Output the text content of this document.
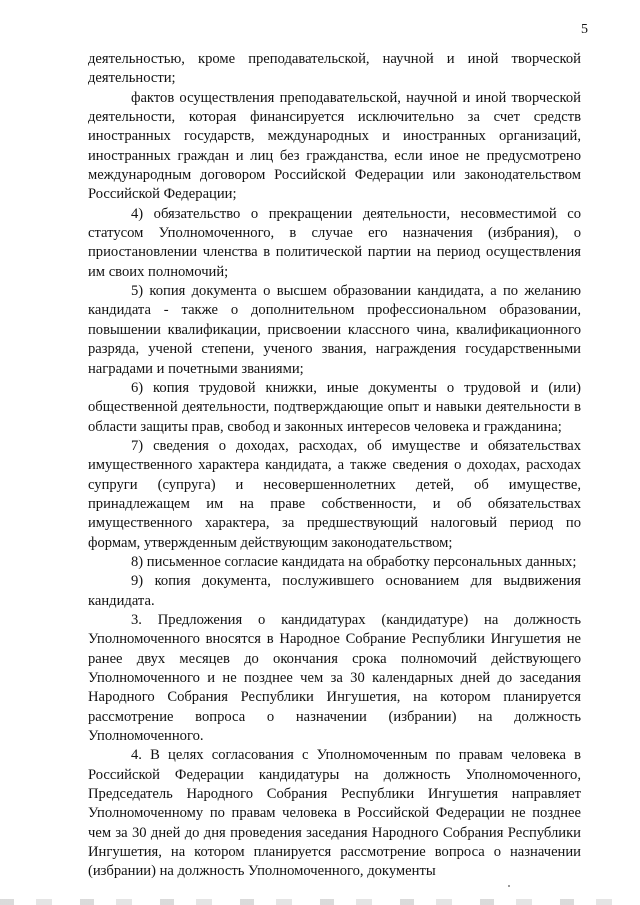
5

деятельностью, кроме преподавательской, научной и иной творческой деятельности;

фактов осуществления преподавательской, научной и иной творческой деятельности, которая финансируется исключительно за счет средств иностранных государств, международных и иностранных организаций, иностранных граждан и лиц без гражданства, если иное не предусмотрено международным договором Российской Федерации или законодательством Российской Федерации;

4) обязательство о прекращении деятельности, несовместимой со статусом Уполномоченного, в случае его назначения (избрания), о приостановлении членства в политической партии на период осуществления им своих полномочий;

5) копия документа о высшем образовании кандидата, а по желанию кандидата - также о дополнительном профессиональном образовании, повышении квалификации, присвоении классного чина, квалификационного разряда, ученой степени, ученого звания, награждения государственными наградами и почетными званиями;

6) копия трудовой книжки, иные документы о трудовой и (или) общественной деятельности, подтверждающие опыт и навыки деятельности в области защиты прав, свобод и законных интересов человека и гражданина;

7) сведения о доходах, расходах, об имуществе и обязательствах имущественного характера кандидата, а также сведения о доходах, расходах супруги (супруга) и несовершеннолетних детей, об имуществе, принадлежащем им на праве собственности, и об обязательствах имущественного характера, за предшествующий налоговый период по формам, утвержденным действующим законодательством;

8) письменное согласие кандидата на обработку персональных данных;

9) копия документа, послужившего основанием для выдвижения кандидата.

3. Предложения о кандидатурах (кандидатуре) на должность Уполномоченного вносятся в Народное Собрание Республики Ингушетия не ранее двух месяцев до окончания срока полномочий действующего Уполномоченного и не позднее чем за 30 календарных дней до заседания Народного Собрания Республики Ингушетия, на котором планируется рассмотрение вопроса о назначении (избрании) на должность Уполномоченного.

4. В целях согласования с Уполномоченным по правам человека в Российской Федерации кандидатуры на должность Уполномоченного, Председатель Народного Собрания Республики Ингушетия направляет Уполномоченному по правам человека в Российской Федерации не позднее чем за 30 дней до дня проведения заседания Народного Собрания Республики Ингушетия, на котором планируется рассмотрение вопроса о назначении (избрании) на должность Уполномоченного, документы
